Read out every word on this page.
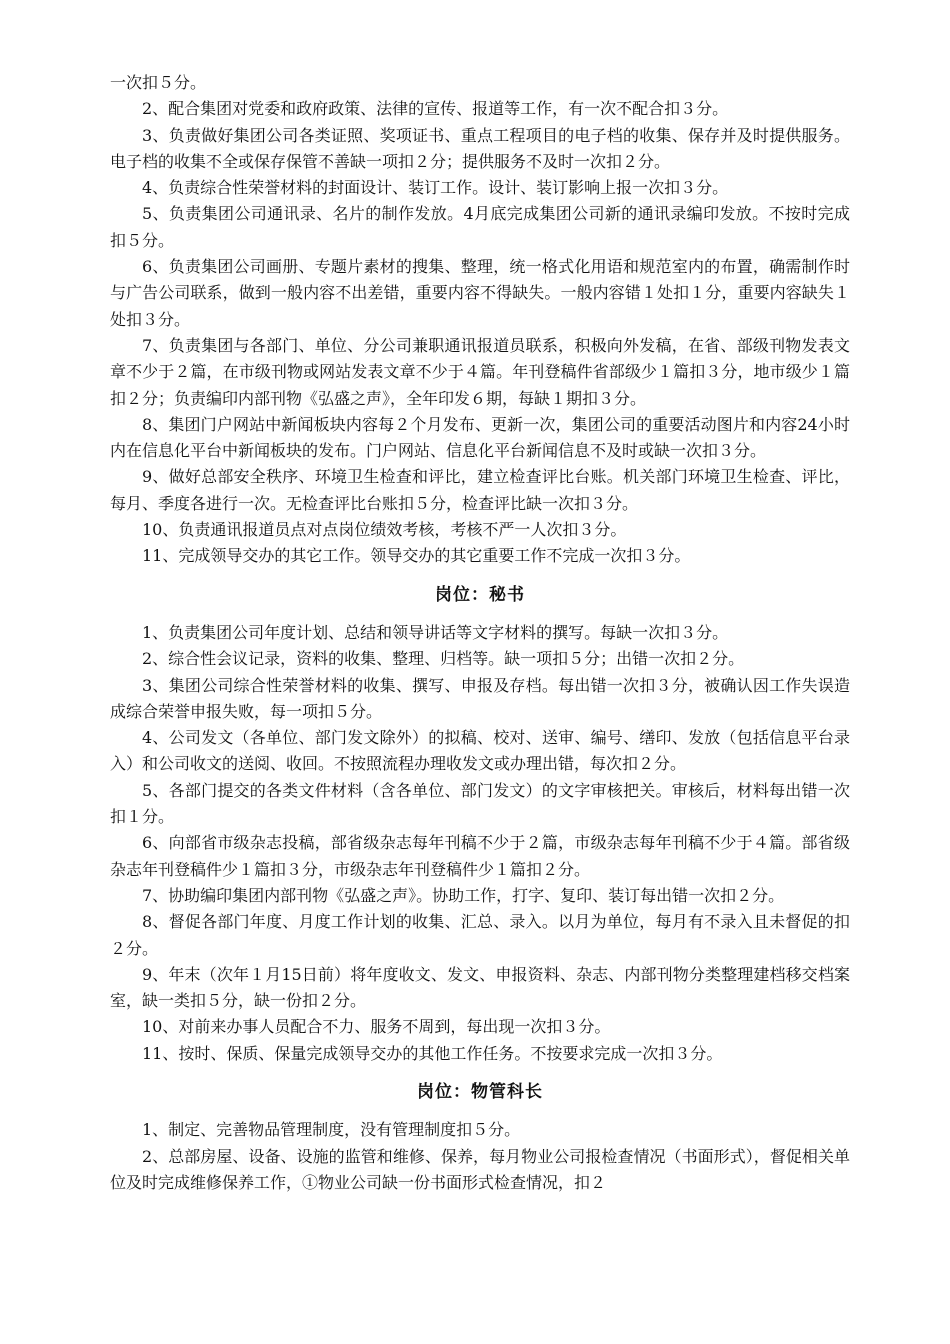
一次扣５分。

2、配合集团对党委和政府政策、法律的宣传、报道等工作，有一次不配合扣３分。

3、负责做好集团公司各类证照、奖项证书、重点工程项目的电子档的收集、保存并及时提供服务。电子档的收集不全或保存保管不善缺一项扣２分；提供服务不及时一次扣２分。

4、负责综合性荣誉材料的封面设计、装订工作。设计、装订影响上报一次扣３分。

5、负责集团公司通讯录、名片的制作发放。4月底完成集团公司新的通讯录编印发放。不按时完成扣５分。

6、负责集团公司画册、专题片素材的搜集、整理，统一格式化用语和规范室内的布置，确需制作时与广告公司联系，做到一般内容不出差错，重要内容不得缺失。一般内容错１处扣１分，重要内容缺失１处扣３分。

7、负责集团与各部门、单位、分公司兼职通讯报道员联系，积极向外发稿，在省、部级刊物发表文章不少于２篇，在市级刊物或网站发表文章不少于４篇。年刊登稿件省部级少１篇扣３分，地市级少１篇扣２分；负责编印内部刊物《弘盛之声》，全年印发６期，每缺１期扣３分。

8、集团门户网站中新闻板块内容每２个月发布、更新一次，集团公司的重要活动图片和内容24小时内在信息化平台中新闻板块的发布。门户网站、信息化平台新闻信息不及时或缺一次扣３分。

9、做好总部安全秩序、环境卫生检查和评比，建立检查评比台账。机关部门环境卫生检查、评比，每月、季度各进行一次。无检查评比台账扣５分，检查评比缺一次扣３分。

10、负责通讯报道员点对点岗位绩效考核，考核不严一人次扣３分。

11、完成领导交办的其它工作。领导交办的其它重要工作不完成一次扣３分。

岗位：秘书

1、负责集团公司年度计划、总结和领导讲话等文字材料的撰写。每缺一次扣３分。

2、综合性会议记录，资料的收集、整理、归档等。缺一项扣５分；出错一次扣２分。

3、集团公司综合性荣誉材料的收集、撰写、申报及存档。每出错一次扣３分，被确认因工作失误造成综合荣誉申报失败，每一项扣５分。

4、公司发文（各单位、部门发文除外）的拟稿、校对、送审、编号、缮印、发放（包括信息平台录入）和公司收文的送阅、收回。不按照流程办理收发文或办理出错，每次扣２分。

5、各部门提交的各类文件材料（含各单位、部门发文）的文字审核把关。审核后，材料每出错一次扣１分。

6、向部省市级杂志投稿，部省级杂志每年刊稿不少于２篇，市级杂志每年刊稿不少于４篇。部省级杂志年刊登稿件少１篇扣３分，市级杂志年刊登稿件少１篇扣２分。

7、协助编印集团内部刊物《弘盛之声》。协助工作，打字、复印、装订每出错一次扣２分。

8、督促各部门年度、月度工作计划的收集、汇总、录入。以月为单位，每月有不录入且未督促的扣２分。

9、年末（次年１月15日前）将年度收文、发文、申报资料、杂志、内部刊物分类整理建档移交档案室，缺一类扣５分，缺一份扣２分。

10、对前来办事人员配合不力、服务不周到，每出现一次扣３分。

11、按时、保质、保量完成领导交办的其他工作任务。不按要求完成一次扣３分。

岗位：物管科长

1、制定、完善物品管理制度，没有管理制度扣５分。

2、总部房屋、设备、设施的监管和维修、保养，每月物业公司报检查情况（书面形式），督促相关单位及时完成维修保养工作，①物业公司缺一份书面形式检查情况，扣２
